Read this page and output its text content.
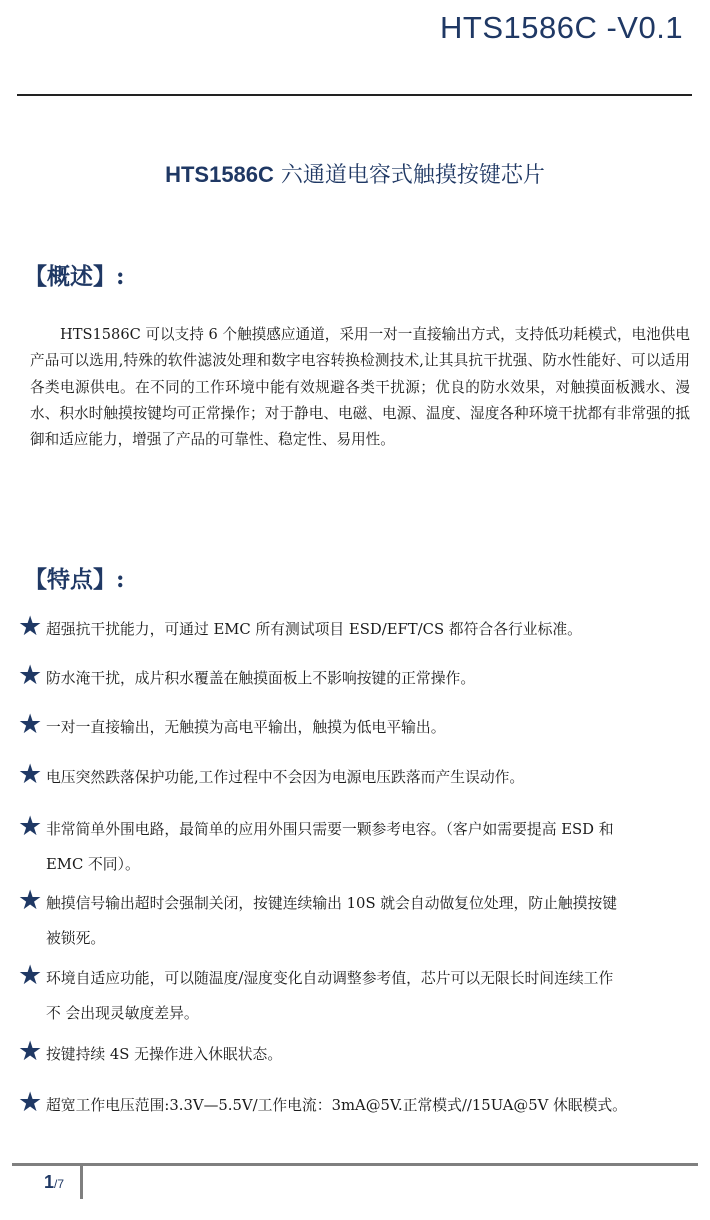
HTS1586C -V0.1
HTS1586C 六通道电容式触摸按键芯片
【概述】:
HTS1586C 可以支持 6 个触摸感应通道，采用一对一直接输出方式，支持低功耗模式，电池供电产品可以选用,特殊的软件滤波处理和数字电容转换检测技术,让其具抗干扰强、防水性能好、可以适用各类电源供电。在不同的工作环境中能有效规避各类干扰源；优良的防水效果，对触摸面板溅水、漫水、积水时触摸按键均可正常操作；对于静电、电磁、电源、温度、湿度各种环境干扰都有非常强的抵御和适应能力，增强了产品的可靠性、稳定性、易用性。
【特点】:
★ 超强抗干扰能力，可通过 EMC 所有测试项目 ESD/EFT/CS 都符合各行业标准。
★ 防水淹干扰，成片积水覆盖在触摸面板上不影响按键的正常操作。
★ 一对一直接输出，无触摸为高电平输出，触摸为低电平输出。
★ 电压突然跌落保护功能,工作过程中不会因为电源电压跌落而产生误动作。
★ 非常简单外围电路，最简单的应用外围只需要一颗参考电容。（客户如需要提高 ESD 和
EMC 不同）。
★ 触摸信号输出超时会强制关闭，按键连续输出 10S 就会自动做复位处理，防止触摸按键
被锁死。
★ 环境自适应功能，可以随温度/湿度变化自动调整参考值，芯片可以无限长时间连续工作
不 会出现灵敏度差异。
★ 按键持续 4S 无操作进入休眠状态。
★ 超宽工作电压范围:3.3V—5.5V/工作电流：3mA@5V.正常模式//15UA@5V 休眠模式。
1/7
